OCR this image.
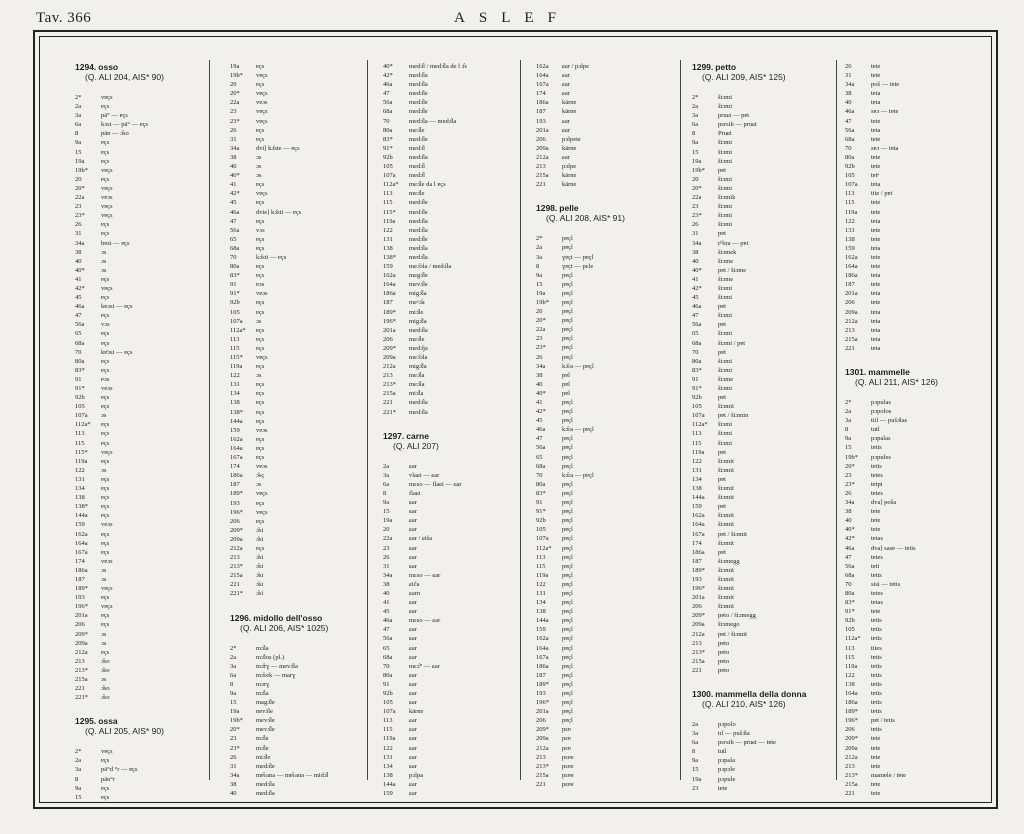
Tav. 366	ASLEF
1294. osso
(Q. ALI 204, AIS* 90)
2*	vɐçs
2a	ɐçs
3a	pä° — ɐçs
6a	kɔst — pä° — ɐçs
8	pän — ɔ̂so
9a	ɐçs
15	ɐçs
19a	ɐçs
19b*	vɐçs
20	ɐçs
20*	vɐçs
22a	vɐɔs
23	vɐçs
23*	vɐçs
26	ɐçs
31	ɐçs
34a	hɐsi — ɐçs
38	ɔs
40	ɔs
40*	ɔs
41	ɐçs
42*	vɐçs
45	ɐçs
46a	kɐɔsi — ɐçs
47	ɐçs
56a	vɔs
65	ɐçs
68a	ɐçs
70	kɐ̈ɔsi — ɐçs
80a	ɐçs
83*	ɐçs
91	ɐɔs
91*	vɐɔs
92b	ɐçs
105	ɐçs
107a	ɔs
112a*	ɐçs
113	ɐçs
115	ɐçs
115*	vɐçs
119a	ɐçs
122	ɔs
131	ɐçs
134	ɐçs
138	ɐçs
138*	ɐçs
144a	ɐçs
159	vɐɔs
162a	ɐçs
164a	ɐçs
167a	ɐçs
174	vɐɔs
186a	ɔs
187	ɔs
189*	vɐçs
193	ɐçs
196*	vɐçs
201a	ɐçs
206	ɐçs
209*	ɔs
209a	ɔs
212a	ɐçs
213	ɔ̂so
213*	ɔ̂so
215a	ɔs
221	ɔ̂so
221*	ɔ̂so
1295. ossa
(Q. ALI 205, AIS* 90)
2*	vɐçs
2a	ɐçs
3a	pä°d °r — ɐçs
8	pän°r
9a	ɐçs
15	ɐçs
19a	ɐçs
19b*	vɐçs
20	ɐçs
20*	vɐçs
22a	vɐɔs
23	vɐçs
23*	vɐçs
26	ɐçs
31	ɐçs
34a	dvi] kɔ̂ste — ɐçs
38	ɔs
40	ɔs
40*	ɔs
41	ɐçs
42*	vɐçs
45	ɐçs
46a	dvie] kɔ̂sti — ɐçs
47	ɐçs
56a	vɔs
65	ɐçs
68a	ɐçs
70	kɔ̂sti — ɐçs
80a	ɐçs
83*	ɐçs
91	ɐɔs
91*	vɐɔs
92b	ɐçs
105	ɐçs
107a	ɔs
112a*	ɐçs
113	ɐçs
115	ɐçs
115*	vɐçs
119a	ɐçs
122	ɔs
131	ɐçs
134	ɐçs
138	ɐçs
138*	ɐçs
144a	ɐçs
159	vɐɔs
162a	ɐçs
164a	ɐçs
167a	ɐçs
174	vɐɔs
186a	ɔ̂sç
187	ɔs
189*	vɐçs
193	ɐçs
196*	vɐçs
206	ɐçs
209*	ɔ̂si
209a	ɔ̂si
212a	ɐçs
213	ɔ̂si
213*	ɔ̂si
215a	ɔ̂si
221	ɔ̂si
221*	ɔ̂si
1296. midollo dell'osso
(Q. ALI 206, AIS* 1025)
2*	mɔ̂la
2a	mɔ̂los (pl.)
3a	mɔ̂rɣ — mevɔ̂la
6a	mɔ̂ɾek — marɣ
8	mɔrɣ
9a	mɔ̂la
15	magɔ̂le
19a	nevɔ̂le
19b*	mevɔ̂le
20*	mevɔ̂le
23	mɔ̂le
23*	mɔ̂le
26	miɔ̂le
31	medɔ̂le
34a	mɐ̂ɾana — mɐ̂ɾana — midɔ̂l
38	medɔ̂la
40	medɔ̂la
40*	medɔ̂l / medɔ̂la de l ɔ̂s
42*	medɔ̂la
46a	medɔ̂la
47	medɔ̂le
56a	medɔ̂le
68a	medɔ̂le
70	medɔ̂la — medɔ̂la
80a	meɔ̂le
83*	medɔ̂le
91*	medɔ̂l
92b	medɔ̂la
105	medɔ̂l
107a	medɔ̂l
112a*	meɔ̂le da l ɐçs
113	meɔ̂le
115	medɔ̂le
115*	medɔ̂le
119a	medɔ̂la
122	medɔ̂la
131	medɔ̂le
138	medɔ̂la
138*	medɔ̂la
159	meɔ̂ɔla / medɔ̂la
162a	megɔ̂le
164a	mevɔ̂le
186a	migɔ̂la
187	meˣɔ̂a
189*	miɔ̂le
196*	migɔ̂la
201a	medɔ̂la
206	meɔ̂le
209*	medɔ̂ja
209a	meɔ̂ɔla
212a	migɔ̂la
213	meɔ̂la
213*	meɔ̂la
215a	miɔ̂la
221	medɔ̂la
221*	medɔ̂la
1297. carne
(Q. ALI 207)
2a	ɕar
3a	vlaɕi — ɕar
6a	mɛso — flaɕi — ɕar
8	flaɕi
9a	ɕar
15	ɕar
19a	ɕar
20	ɕar
22a	ɕar / ɕiša
23	ɕar
26	ɕar
31	ɕar
34a	mɛso — ɕar
38	ɕiča
40	ɕarn
41	ɕar
45	ɕar
46a	mɛso — ɕar
47	ɕar
56a	ɕar
65	ɕar
68a	ɕar
70	mɛɔ̂° — ɕar
80a	ɕar
91	ɕar
92b	ɕar
105	ɕar
107a	kärne
113	ɕar
115	ɕar
119a	ɕar
122	ɕar
131	ɕar
134	ɕar
138	pɔlpa
144a	ɕar
159	ɕar
162a	ɕar / pɔlpe
164a	ɕar
167a	ɕar
174	ɕar
186a	kärne
187	kärne
193	ɕar
201a	ɕar
206	pɔlpete
209a	kärne
212a	ɕar
213	pɔlpe
215a	kärne
221	kärne
1298. pelle
(Q. ALI 208, AIS* 91)
2*	pɐçl
2a	pɐçl
3a	ɣɐçt — pɐçl
8	ɣɐçt — pɛle
9a	pɐçl
15	pɐçl
19a	pɐçl
19b*	pɐçl
20	pɐçl
20*	pɐçl
22a	pɐçl
23	pɐçl
23*	pɐçl
26	pɐçl
34a	kɔ̂ɾa — pɐçl
38	pɐl
40	pɐl
40*	pɐl
41	pɐçl
42*	pɐçl
45	pɐçl
46a	kɔ̂ɾa — pɐçl
47	pɐçl
56a	pɐçl
65	pɐçl
68a	pɐçl
70	kɔ̂ɾa — pɐçl
80a	pɐçl
83*	pɐçl
91	pɐçl
91*	pɐçl
92b	pɐçl
105	pɐçl
107a	pɐçl
112a*	pɐçl
113	pɐçl
115	pɐçl
119a	pɐçl
122	pɐçl
131	pɐçl
134	pɐçl
138	pɐçl
144a	pɐçl
159	pɐçl
162a	pɐçl
164a	pɐçl
167a	pɐçl
186a	pɐçl
187	pɐçl
189*	pɐçl
193	pɐçl
196*	pɐçl
201a	pɐçl
206	pɐçl
209*	pɛɐ
209a	pɛɐ
212a	pɛɐ
213	pɛɐe
213*	pɛɐe
215a	pɛɐe
221	pɛɐe
1299. petto
(Q. ALI 209, AIS* 125)
2*	štɔmi
2a	štɔmi
3a	pruɕt — pɐt
6a	pɛrsih — pruɕt
8	Pruɕt
9a	štɔmi
15	štɔmi
19a	štɔmi
19b*	pɐt
20	štɔmi
20*	štɔmi
22a	štɔmik
23	štɔmi
23*	štɔmi
26	štɔmi
31	pɐt
34a	rʰbra — pɐt
38	štɔmek
40	štɔme
40*	pɐt / štɔme
41	štɔme
42*	štɔmi
45	štɔmi
46a	pɐt
47	štɔmi
56a	pɐt
65	štɔmi
68a	štɔmi / pɐt
70	pɐt
80a	štɔmi
83*	štɔmi
91	štɔme
91*	štɔmi
92b	pɐt
105	štɔmit
107a	pɐt / štɔmin
112a*	štɔmi
113	štɔmi
115	štɔmi
119a	pɐt
122	štɔmit
131	štɔmit
134	pɐt
138	štɔmit
144a	štɔmit
159	pɐt
162a	štɔmit
164a	štɔmit
167a	pɐt / štɔmit
174	štɔmit
186a	pɐt
187	štɔmegg
189*	štɔmit
193	štɔmit
196*	štɔmit
201a	štɔmit
206	štɔmit
209*	pɐto / štɔmegg
209a	štɔmego
212a	pɐt / štɔmit
213	pɐto
213*	pɐto
215a	pɐto
221	pɐto
1300. mammella della donna
(Q. ALI 210, AIS* 126)
2a	pɔpolo
3a	tɪl — pušɔ̂ta
6a	pɛrsih — pruɕt — tɐte
8	tutl
9a	pɔpala
15	pɔpɔle
19a	pɔpule
23	tɐte
26	tɐte
31	tɐte
34a	poš — tɐte
38	tɐta
40	tɐta
46a	sɐɔ — tɐte
47	tɐte
56a	tɐta
68a	tɐte
70	sɐɔ — tɐta
80a	tɐte
92b	tɐte
105	tɐtᵉ
107a	tɐta
113	tite / pɐt
115	tɐte
119a	tɐte
122	tɐta
131	tɐte
138	tɐte
159	tɐta
162a	tɐte
164a	tɐte
186a	tɐta
187	tɐte
201a	tɐta
206	tɐte
209a	tɐta
212a	tɐta
213	tɐta
215a	tɐta
221	tɐta
1301. mammelle
(Q. ALI 211, AIS* 126)
2*	pɔpulas
2a	pɔpolos
3a	tiil — pušɔ̂tas
8	tutl
9a	pɔpalas
15	tɐtis
19b*	pɔpules
20*	tɐtis
23	tɐtes
23*	tɐtpi
26	tɐtes
34a	dva] poša
38	tɐte
40	tɐte
40*	tɐte
42*	tɐtas
46a	dva] sasɐ — tɐtis
47	tɐtes
56a	tɐti
68a	tɐtis
70	sisi — tɐtis
80a	tɐtes
83*	tɐtas
91*	tɐte
92b	tɐtis
105	tɐtis
112a*	tɐtis
113	tites
115	tɐtis
119a	tɐtis
122	tɐtis
138	tɐtis
164a	tɐtis
186a	tɐtis
189*	tɐtis
196*	pɐt / tɐtis
206	tɐtis
209*	tɐte
209a	tɐte
212a	tɐte
213	tɐte
213*	mamɐle / tɐte
215a	tɐte
221	tɐte
